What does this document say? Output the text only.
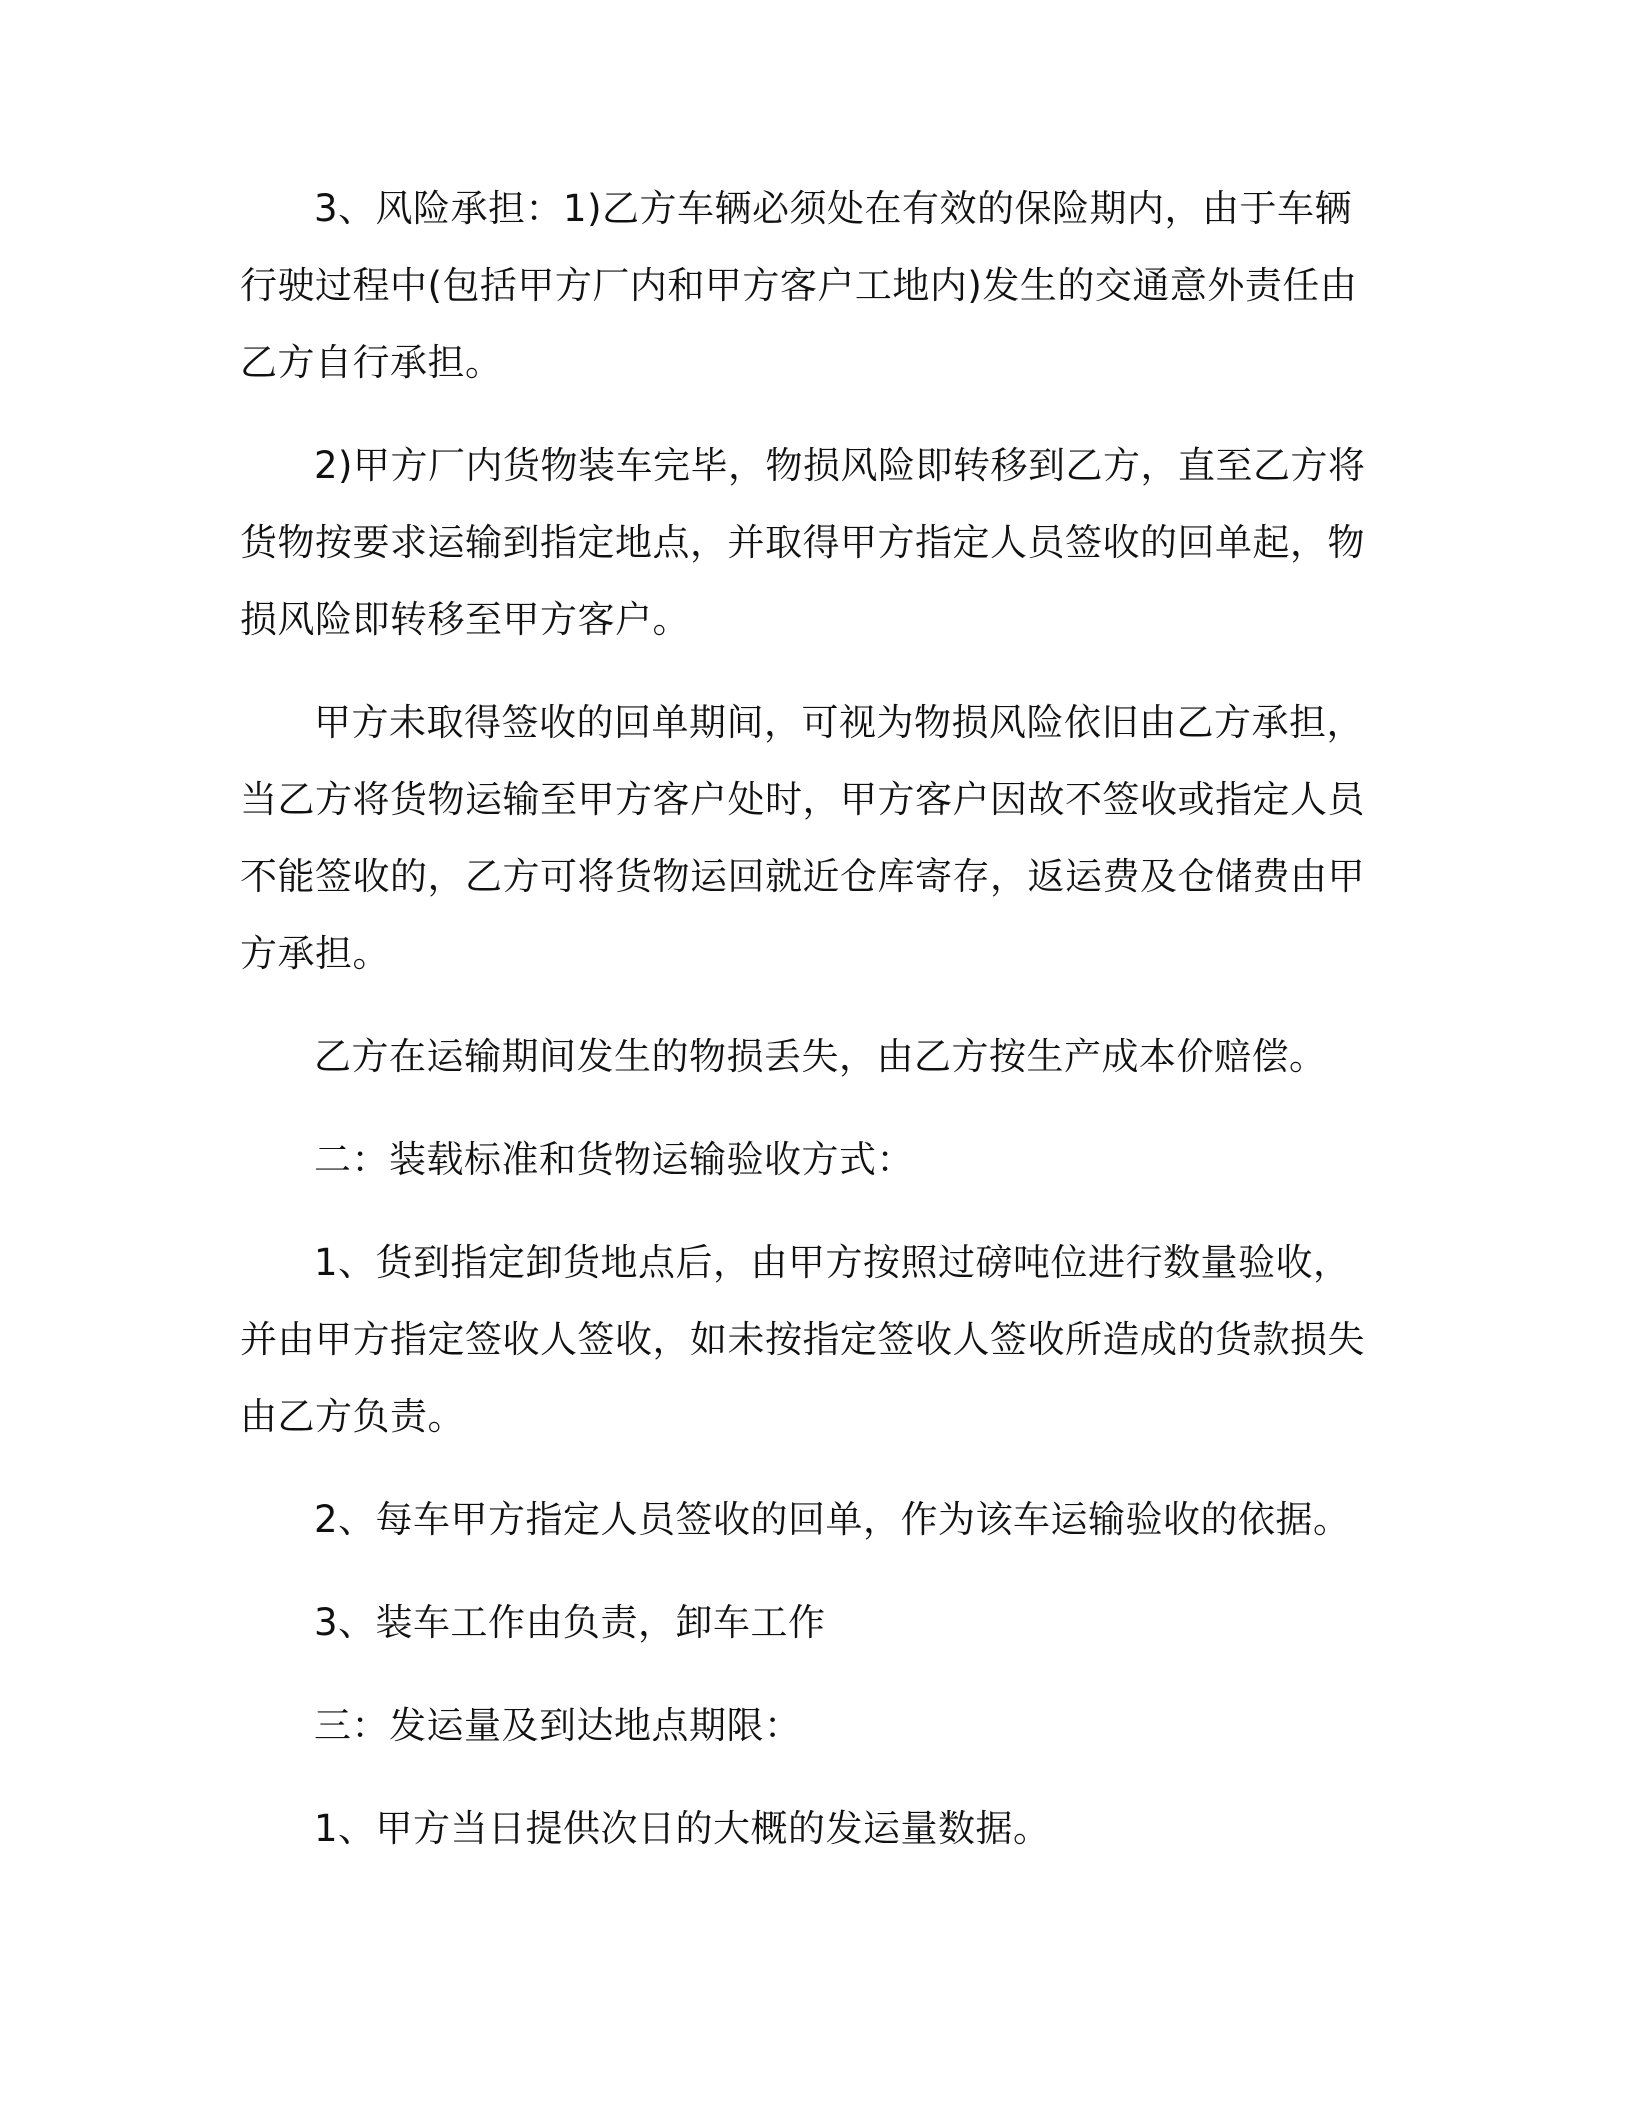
3、风险承担：1)乙方车辆必须处在有效的保险期内，由于车辆行驶过程中(包括甲方厂内和甲方客户工地内)发生的交通意外责任由乙方自行承担。

2)甲方厂内货物装车完毕，物损风险即转移到乙方，直至乙方将货物按要求运输到指定地点，并取得甲方指定人员签收的回单起，物损风险即转移至甲方客户。

甲方未取得签收的回单期间，可视为物损风险依旧由乙方承担，当乙方将货物运输至甲方客户处时，甲方客户因故不签收或指定人员不能签收的，乙方可将货物运回就近仓库寄存，返运费及仓储费由甲方承担。

乙方在运输期间发生的物损丢失，由乙方按生产成本价赔偿。

二：装载标准和货物运输验收方式：

1、货到指定卸货地点后，由甲方按照过磅吨位进行数量验收，并由甲方指定签收人签收，如未按指定签收人签收所造成的货款损失由乙方负责。

2、每车甲方指定人员签收的回单，作为该车运输验收的依据。

3、装车工作由负责，卸车工作

三：发运量及到达地点期限：

1、甲方当日提供次日的大概的发运量数据。
